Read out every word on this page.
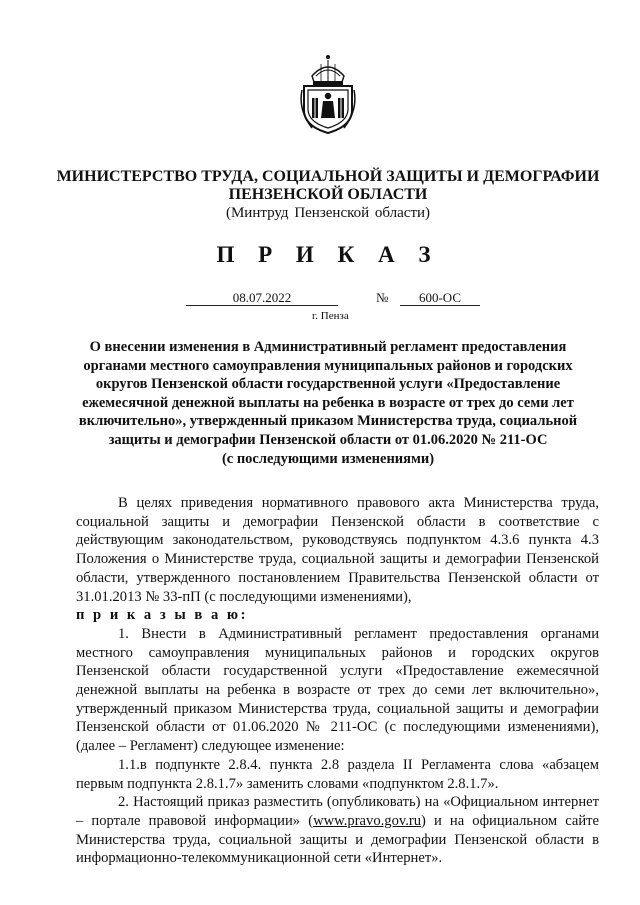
МИНИСТЕРСТВО ТРУДА, СОЦИАЛЬНОЙ ЗАЩИТЫ И ДЕМОГРАФИИ
ПЕНЗЕНСКОЙ ОБЛАСТИ
(Минтруд Пензенской области)
П Р И К А З
08.07.2022	№	600-ОС
г. Пенза
О внесении изменения в Административный регламент предоставления
органами местного самоуправления муниципальных районов и городских
округов Пензенской области государственной услуги «Предоставление
ежемесячной денежной выплаты на ребенка в возрасте от трех до семи лет
включительно», утвержденный приказом Министерства труда, социальной
защиты и демографии Пензенской области от 01.06.2020 № 211-ОС
(с последующими изменениями)

В целях приведения нормативного правового акта Министерства труда, социальной защиты и демографии Пензенской области в соответствие с действующим законодательством, руководствуясь подпунктом 4.3.6 пункта 4.3 Положения о Министерстве труда, социальной защиты и демографии Пензенской области, утвержденного постановлением Правительства Пензенской области от 31.01.2013 № 33-пП (с последующими изменениями),

п р и к а з ы в а ю:

1. Внести в Административный регламент предоставления органами местного самоуправления муниципальных районов и городских округов Пензенской области государственной услуги «Предоставление ежемесячной денежной выплаты на ребенка в возрасте от трех до семи лет включительно», утвержденный приказом Министерства труда, социальной защиты и демографии Пензенской области от 01.06.2020 № 211-ОС (с последующими изменениями), (далее – Регламент) следующее изменение:

1.1.в подпункте 2.8.4. пункта 2.8 раздела II Регламента слова «абзацем первым подпункта 2.8.1.7» заменить словами «подпунктом 2.8.1.7».

2. Настоящий приказ разместить (опубликовать) на «Официальном интернет – портале правовой информации» (www.pravo.gov.ru) и на официальном сайте Министерства труда, социальной защиты и демографии Пензенской области в информационно-телекоммуникационной сети «Интернет».
